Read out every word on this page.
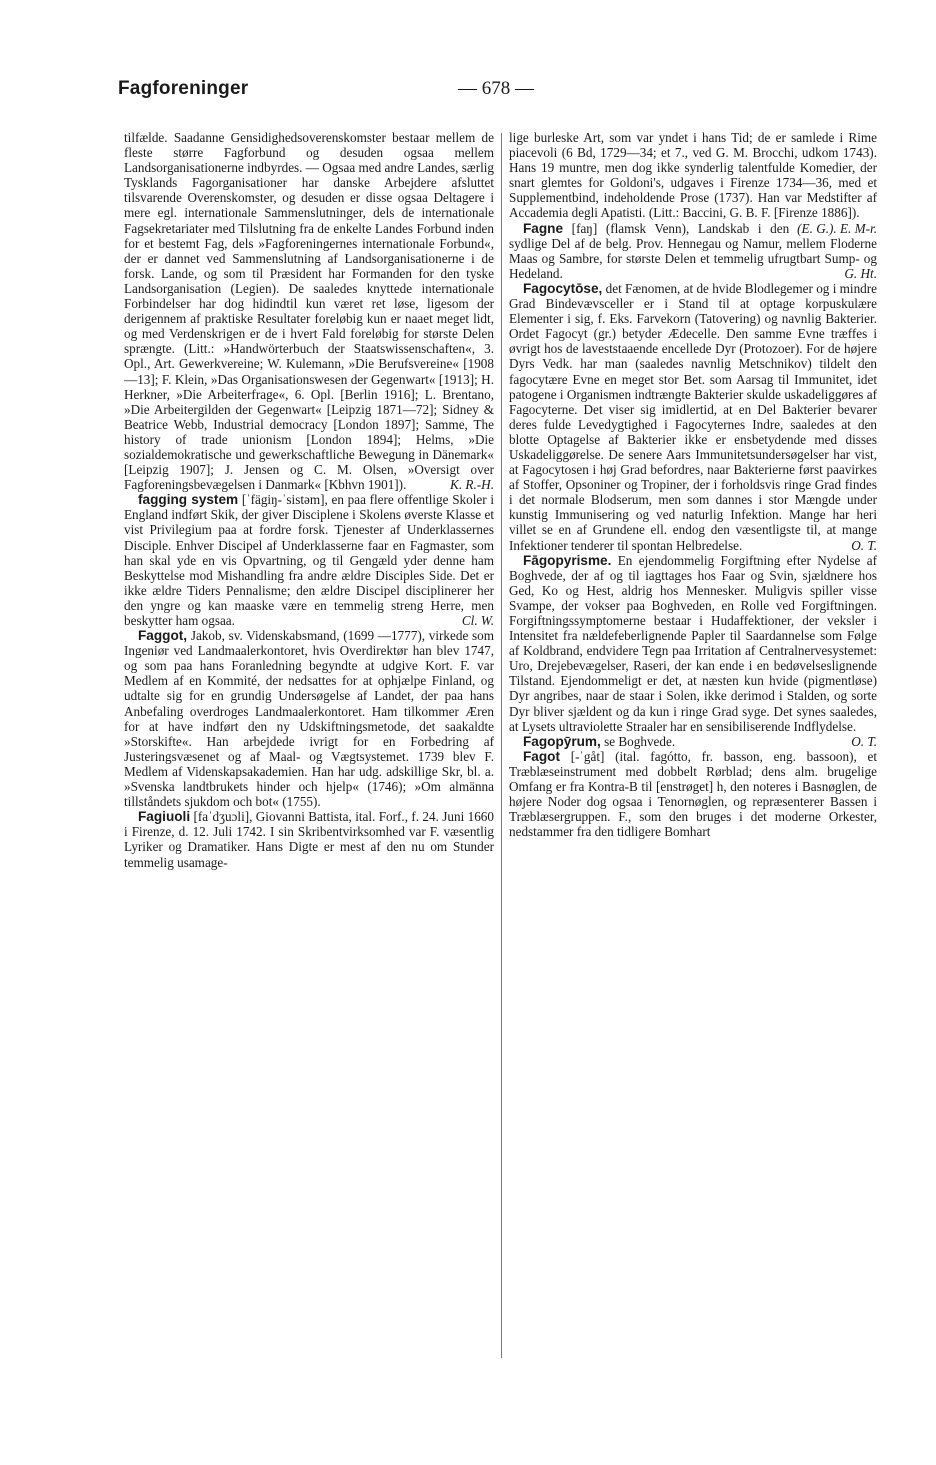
Fagforeninger	— 678 —

tilfælde. Saadanne Gensidighedsoverenskomster bestaar mellem de fleste større Fagforbund og desuden ogsaa mellem Landsorganisationerne indbyrdes. — Ogsaa med andre Landes, særlig Tysklands Fagorganisationer har danske Arbejdere afsluttet tilsvarende Overenskomster, og desuden er disse ogsaa Deltagere i mere egl. internationale Sammenslutninger, dels de internationale Fagsekretariater med Tilslutning fra de enkelte Landes Forbund inden for et bestemt Fag, dels »Fagforeningernes internationale Forbund«, der er dannet ved Sammenslutning af Landsorganisationerne i de forsk. Lande, og som til Præsident har Formanden for den tyske Landsorganisation (Legien). De saaledes knyttede internationale Forbindelser har dog hidindtil kun været ret løse, ligesom der derigennem af praktiske Resultater foreløbig kun er naaet meget lidt, og med Verdenskrigen er de i hvert Fald foreløbig for største Delen sprængte. (Litt.: »Handwörterbuch der Staatswissenschaften«, 3. Opl., Art. Gewerkvereine; W. Kulemann, »Die Berufsvereine« [1908—13]; F. Klein, »Das Organisationswesen der Gegenwart« [1913]; H. Herkner, »Die Arbeiterfrage«, 6. Opl. [Berlin 1916]; L. Brentano, »Die Arbeitergilden der Gegenwart« [Leipzig 1871—72]; Sidney & Beatrice Webb, Industrial democracy [London 1897]; Samme, The history of trade unionism [London 1894]; Helms, »Die sozialdemokratische und gewerkschaftliche Bewegung in Dänemark« [Leipzig 1907]; J. Jensen og C. M. Olsen, »Oversigt over Fagforeningsbevægelsen i Danmark« [Kbhvn 1901]).	K. R.-H.

fagging system [ˈfägiŋ-ˈsistəm], en paa flere offentlige Skoler i England indført Skik, der giver Disciplene i Skolens øverste Klasse et vist Privilegium paa at fordre forsk. Tjenester af Underklassernes Disciple. Enhver Discipel af Underklasserne faar en Fagmaster, som han skal yde en vis Opvartning, og til Gengæld yder denne ham Beskyttelse mod Mishandling fra andre ældre Disciples Side. Det er ikke ældre Tiders Pennalisme; den ældre Discipel disciplinerer her den yngre og kan maaske være en temmelig streng Herre, men beskytter ham ogsaa.	Cl. W.

Faggot, Jakob, sv. Videnskabsmand, (1699 —1777), virkede som Ingeniør ved Landmaalerkontoret, hvis Overdirektør han blev 1747, og som paa hans Foranledning begyndte at udgive Kort. F. var Medlem af en Kommité, der nedsattes for at ophjælpe Finland, og udtalte sig for en grundig Undersøgelse af Landet, der paa hans Anbefaling overdroges Landmaalerkontoret. Ham tilkommer Æren for at have indført den ny Udskiftningsmetode, det saakaldte »Storskifte«. Han arbejdede ivrigt for en Forbedring af Justeringsvæsenet og af Maal- og Vægtsystemet. 1739 blev F. Medlem af Videnskapsakademien. Han har udg. adskillige Skr, bl. a. »Svenska landtbrukets hinder och hjelp« (1746); »Om almänna tillståndets sjukdom och bot« (1755).

Fagiuoli [faˈdʒuɔli], Giovanni Battista, ital. Forf., f. 24. Juni 1660 i Firenze, d. 12. Juli 1742. I sin Skribentvirksomhed var F. væsentlig Lyriker og Dramatiker. Hans Digte er mest af den nu om Stunder temmelig usamage-

lige burleske Art, som var yndet i hans Tid; de er samlede i Rime piacevoli (6 Bd, 1729—34; et 7., ved G. M. Brocchi, udkom 1743). Hans 19 muntre, men dog ikke synderlig talentfulde Komedier, der snart glemtes for Goldoni's, udgaves i Firenze 1734—36, med et Supplementbind, indeholdende Prose (1737). Han var Medstifter af Accademia degli Apatisti. (Litt.: Baccini, G. B. F. [Firenze 1886]).
(E. G.). E. M-r.

Fagne [faŋ] (flamsk Venn), Landskab i den sydlige Del af de belg. Prov. Hennegau og Namur, mellem Floderne Maas og Sambre, for største Delen et temmelig ufrugtbart Sump- og Hedeland.	G. Ht.

Fagocytōse, det Fænomen, at de hvide Blodlegemer og i mindre Grad Bindevævsceller er i Stand til at optage korpuskulære Elementer i sig, f. Eks. Farvekorn (Tatovering) og navnlig Bakterier. Ordet Fagocyt (gr.) betyder Ædecelle. Den samme Evne træffes i øvrigt hos de laveststaaende encellede Dyr (Protozoer). For de højere Dyrs Vedk. har man (saaledes navnlig Metschnikov) tildelt den fagocytære Evne en meget stor Bet. som Aarsag til Immunitet, idet patogene i Organismen indtrængte Bakterier skulde uskadeliggøres af Fagocyterne. Det viser sig imidlertid, at en Del Bakterier bevarer deres fulde Levedygtighed i Fagocyternes Indre, saaledes at den blotte Optagelse af Bakterier ikke er ensbetydende med disses Uskadeliggørelse. De senere Aars Immunitetsundersøgelser har vist, at Fagocytosen i høj Grad befordres, naar Bakterierne først paavirkes af Stoffer, Opsoniner og Tropiner, der i forholdsvis ringe Grad findes i det normale Blodserum, men som dannes i stor Mængde under kunstig Immunisering og ved naturlig Infektion. Mange har heri villet se en af Grundene ell. endog den væsentligste til, at mange Infektioner tenderer til spontan Helbredelse.	O. T.

Fāgopyrisme. En ejendommelig Forgiftning efter Nydelse af Boghvede, der af og til iagttages hos Faar og Svin, sjældnere hos Ged, Ko og Hest, aldrig hos Mennesker. Muligvis spiller visse Svampe, der vokser paa Boghveden, en Rolle ved Forgiftningen. Forgiftningssymptomerne bestaar i Hudaffektioner, der veksler i Intensitet fra nældefeberlignende Papler til Saardannelse som Følge af Koldbrand, endvidere Tegn paa Irritation af Centralnervesystemet: Uro, Drejebevægelser, Raseri, der kan ende i en bedøvelseslignende Tilstand. Ejendommeligt er det, at næsten kun hvide (pigmentløse) Dyr angribes, naar de staar i Solen, ikke derimod i Stalden, og sorte Dyr bliver sjældent og da kun i ringe Grad syge. Det synes saaledes, at Lysets ultraviolette Straaler har en sensibiliserende Indflydelse.
O. T.

Fagopȳrum, se Boghvede.

Fagot [-ˈgåt] (ital. fagótto, fr. basson, eng. bassoon), et Træblæseinstrument med dobbelt Rørblad; dens alm. brugelige Omfang er fra Kontra-B til [enstrøget] h, den noteres i Basnøglen, de højere Noder dog ogsaa i Tenornøglen, og repræsenterer Bassen i Træblæsergruppen. F., som den bruges i det moderne Orkester, nedstammer fra den tidligere Bomhart
